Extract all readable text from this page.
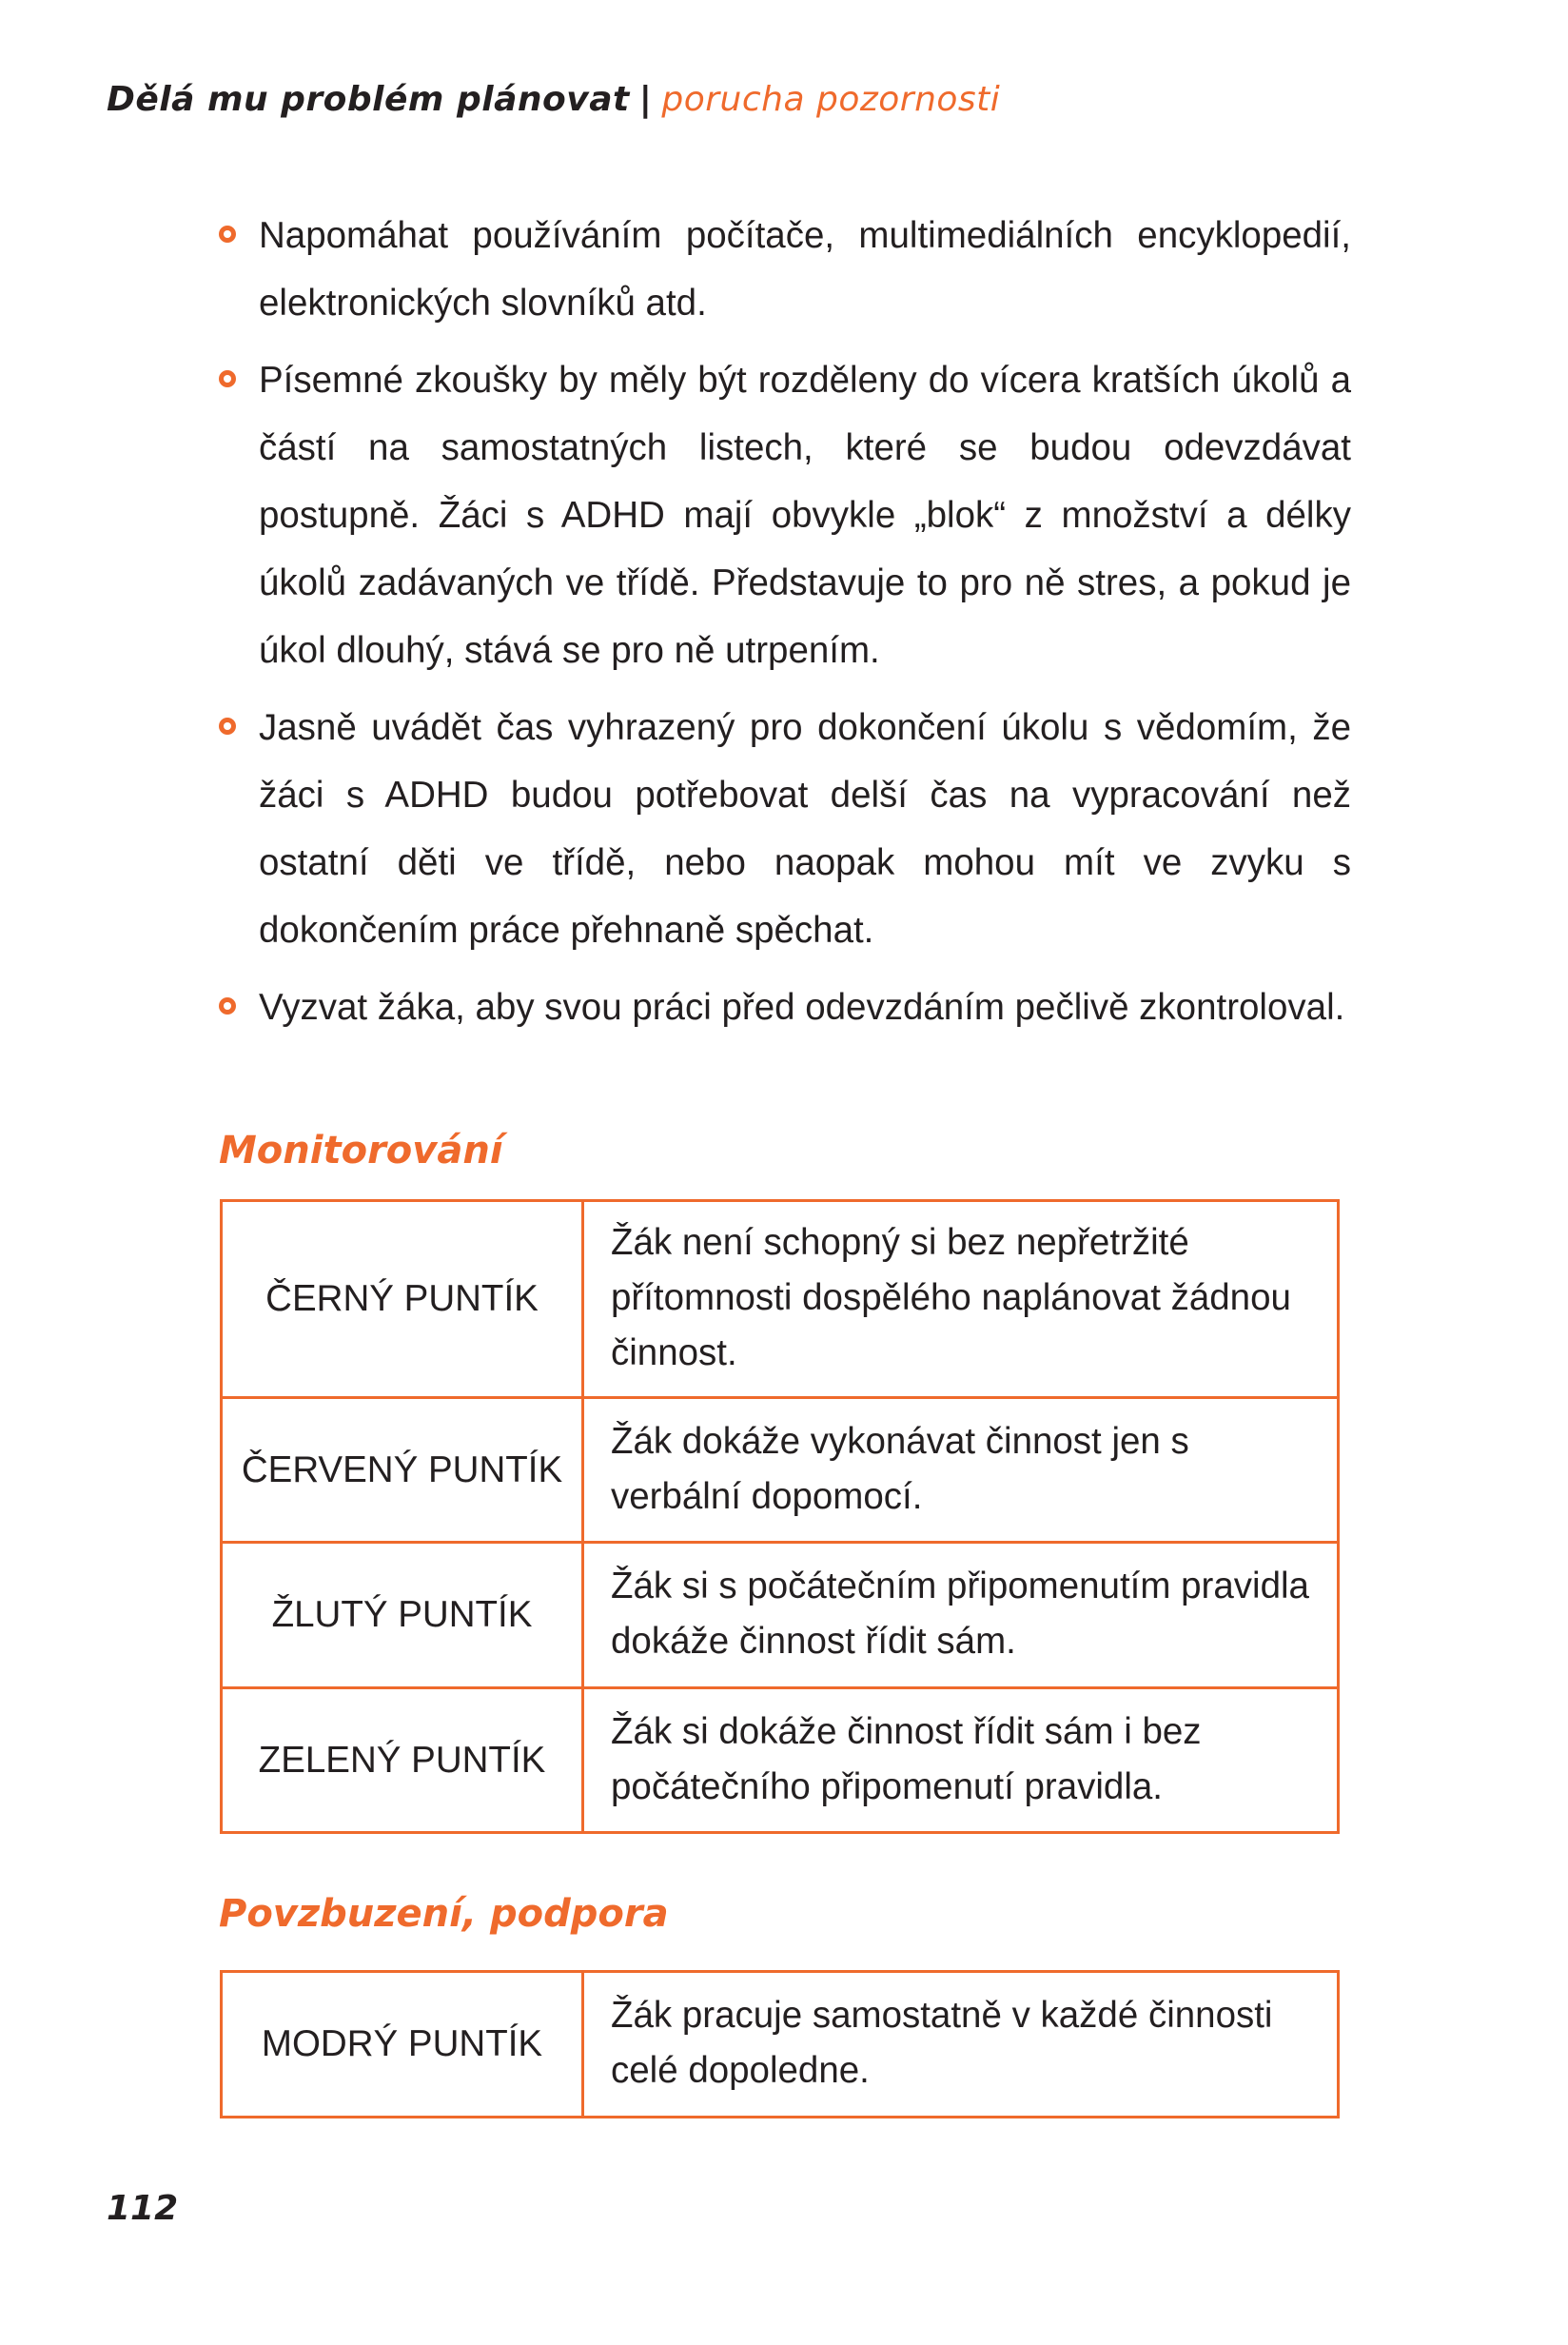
Dělá mu problém plánovat | porucha pozornosti
Napomáhat používáním počítače, multimediálních encyklopedií, elektronických slovníků atd.
Písemné zkoušky by měly být rozděleny do vícera kratších úkolů a částí na samostatných listech, které se budou odevzdávat postupně. Žáci s ADHD mají obvykle „blok“ z množství a délky úkolů zadávaných ve třídě. Představuje to pro ně stres, a pokud je úkol dlouhý, stává se pro ně utrpením.
Jasně uvádět čas vyhrazený pro dokončení úkolu s vědomím, že žáci s ADHD budou potřebovat delší čas na vypracování než ostatní děti ve třídě, nebo naopak mohou mít ve zvyku s dokončením práce přehnaně spěchat.
Vyzvat žáka, aby svou práci před odevzdáním pečlivě zkontroloval.
Monitorování
ČERNÝ PUNTÍK	Žák není schopný si bez nepřetržité přítomnosti dospělého naplánovat žádnou činnost.
ČERVENÝ PUNTÍK	Žák dokáže vykonávat činnost jen s verbální dopomocí.
ŽLUTÝ PUNTÍK	Žák si s počátečním připomenutím pravidla dokáže činnost řídit sám.
ZELENÝ PUNTÍK	Žák si dokáže činnost řídit sám i bez počátečního připomenutí pravidla.
Povzbuzení, podpora
MODRÝ PUNTÍK	Žák pracuje samostatně v každé činnosti celé dopoledne.
112
